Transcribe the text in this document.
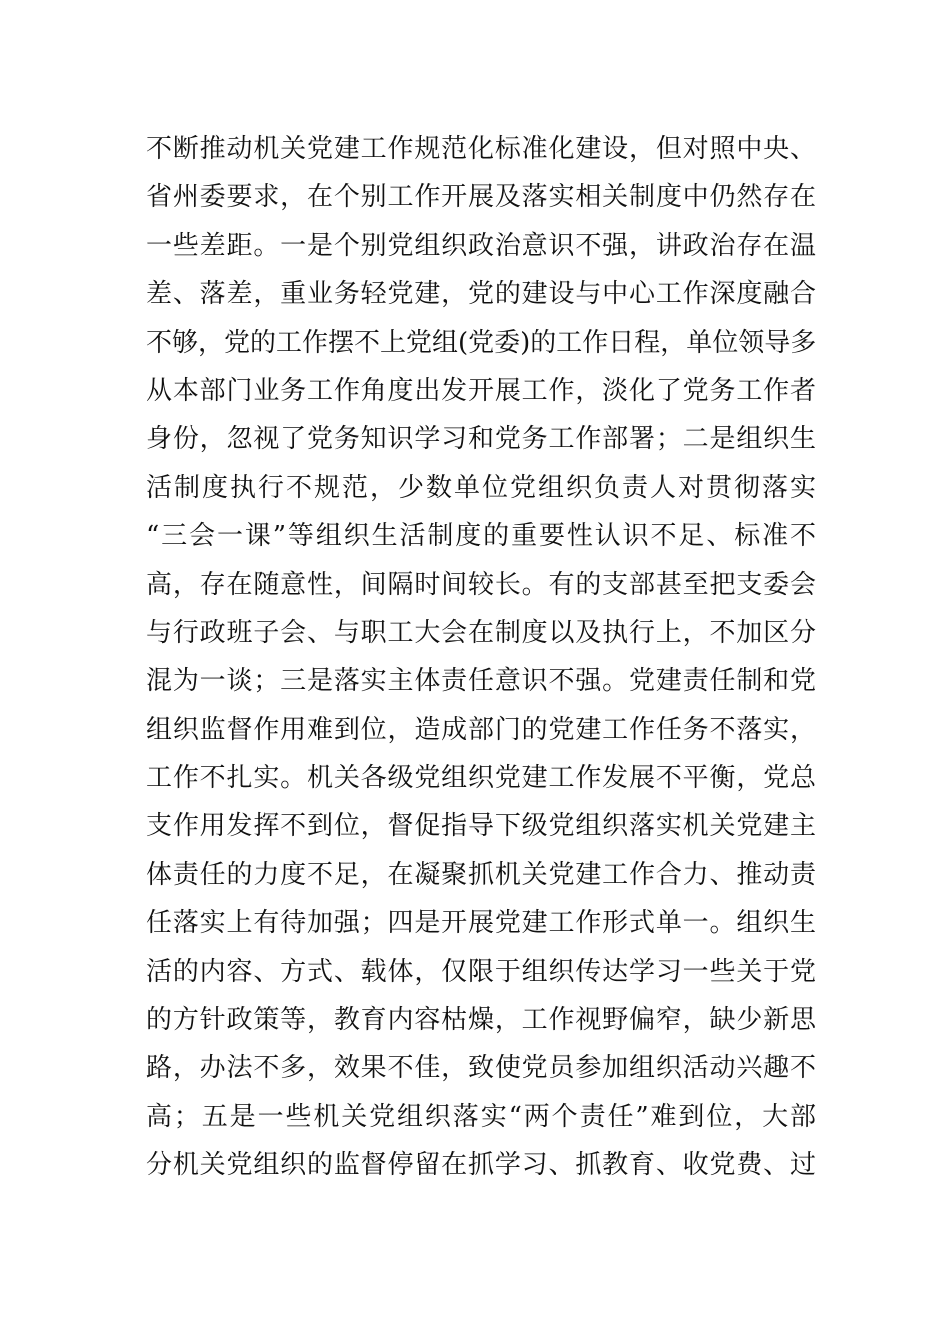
不断推动机关党建工作规范化标准化建设，但对照中央、
省州委要求，在个别工作开展及落实相关制度中仍然存在
一些差距。一是个别党组织政治意识不强，讲政治存在温
差、落差，重业务轻党建，党的建设与中心工作深度融合
不够，党的工作摆不上党组(党委)的工作日程，单位领导多
从本部门业务工作角度出发开展工作，淡化了党务工作者
身份，忽视了党务知识学习和党务工作部署；二是组织生
活制度执行不规范，少数单位党组织负责人对贯彻落实
“三会一课”等组织生活制度的重要性认识不足、标准不
高，存在随意性，间隔时间较长。有的支部甚至把支委会
与行政班子会、与职工大会在制度以及执行上，不加区分
混为一谈；三是落实主体责任意识不强。党建责任制和党
组织监督作用难到位，造成部门的党建工作任务不落实，
工作不扎实。机关各级党组织党建工作发展不平衡，党总
支作用发挥不到位，督促指导下级党组织落实机关党建主
体责任的力度不足，在凝聚抓机关党建工作合力、推动责
任落实上有待加强；四是开展党建工作形式单一。组织生
活的内容、方式、载体，仅限于组织传达学习一些关于党
的方针政策等，教育内容枯燥，工作视野偏窄，缺少新思
路，办法不多，效果不佳，致使党员参加组织活动兴趣不
高；五是一些机关党组织落实“两个责任”难到位，大部
分机关党组织的监督停留在抓学习、抓教育、收党费、过
